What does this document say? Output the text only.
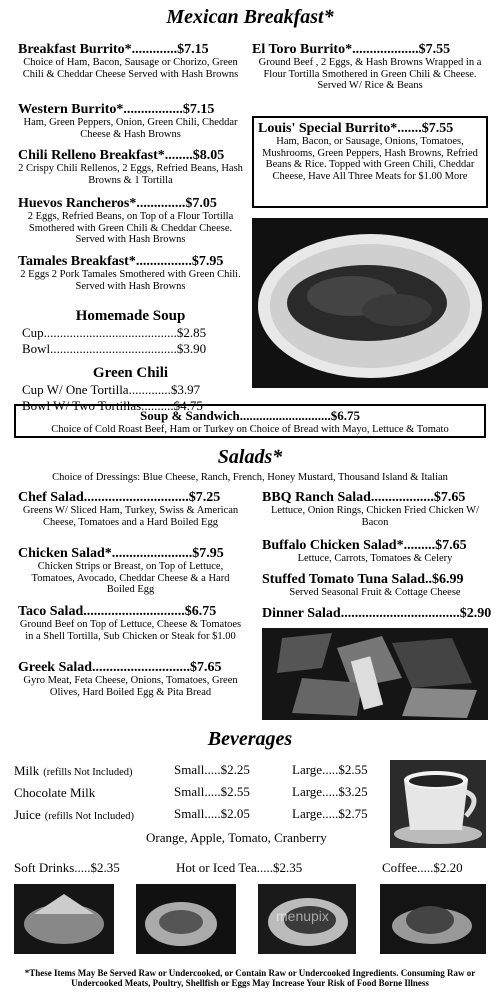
Mexican Breakfast*
Breakfast Burrito*.............$7.15
Choice of Ham, Bacon, Sausage or Chorizo, Green Chili & Cheddar Cheese Served with Hash Browns
Western Burrito*.................$7.15
Ham, Green Peppers, Onion, Green Chili, Cheddar Cheese & Hash Browns
Chili Relleno Breakfast*........$8.05
2 Crispy Chili Rellenos, 2 Eggs, Refried Beans, Hash Browns & 1 Tortilla
Huevos Rancheros*..............$7.05
2 Eggs, Refried Beans, on Top of a Flour Tortilla Smothered with Green Chili & Cheddar Cheese. Served with Hash Browns
Tamales Breakfast*................$7.95
2 Eggs 2 Pork Tamales Smothered with Green Chili. Served with Hash Browns
Homemade Soup
Cup.........................................$2.85
Bowl.......................................$3.90
Green Chili
Cup W/ One Tortilla.............$3.97
Bowl W/ Two Tortillas..........$4.75
El Toro Burrito*...................$7.55
Ground Beef , 2 Eggs, & Hash Browns Wrapped in a Flour Tortilla Smothered in Green Chili & Cheese. Served W/ Rice & Beans
Louis' Special Burrito*.......$7.55
Ham, Bacon, or Sausage, Onions, Tomatoes, Mushrooms, Green Peppers, Hash Browns, Refried Beans & Rice. Topped with Green Chili, Cheddar Cheese, Have All Three Meats for $1.00 More
Soup & Sandwich............................$6.75
Choice of Cold Roast Beef, Ham or Turkey on Choice of Bread with Mayo, Lettuce & Tomato
Salads*
Choice of Dressings: Blue Cheese, Ranch, French, Honey Mustard, Thousand Island & Italian
Chef Salad..............................$7.25
Greens W/ Sliced Ham, Turkey, Swiss & American Cheese, Tomatoes and a Hard Boiled Egg
Chicken Salad*.......................$7.95
Chicken Strips or Breast, on Top of Lettuce, Tomatoes, Avocado, Cheddar Cheese & a Hard Boiled Egg
Taco Salad.............................$6.75
Ground Beef on Top of Lettuce, Cheese & Tomatoes in a Shell Tortilla, Sub Chicken or Steak for $1.00
Greek Salad............................$7.65
Gyro Meat, Feta Cheese, Onions, Tomatoes, Green Olives, Hard Boiled Egg & Pita Bread
BBQ Ranch Salad..................$7.65
Lettuce, Onion Rings, Chicken Fried Chicken W/ Bacon
Buffalo Chicken Salad*.........$7.65
Lettuce, Carrots, Tomatoes & Celery
Stuffed Tomato Tuna Salad..$6.99
Served Seasonal Fruit & Cottage Cheese
Dinner Salad..................................$2.90
Beverages
Milk (refills Not Included)	Small.....$2.25	Large.....$2.55
Chocolate Milk	Small.....$2.55	Large.....$3.25
Juice (refills Not Included)	Small.....$2.05	Large.....$2.75
Orange, Apple, Tomato, Cranberry
Soft Drinks.....$2.35	Hot or Iced Tea.....$2.35	Coffee.....$2.20
menupix
*These Items May Be Served Raw or Undercooked, or Contain Raw or Undercooked Ingredients. Consuming Raw or Undercooked Meats, Poultry, Shellfish or Eggs May Increase Your Risk of Food Borne Illness
